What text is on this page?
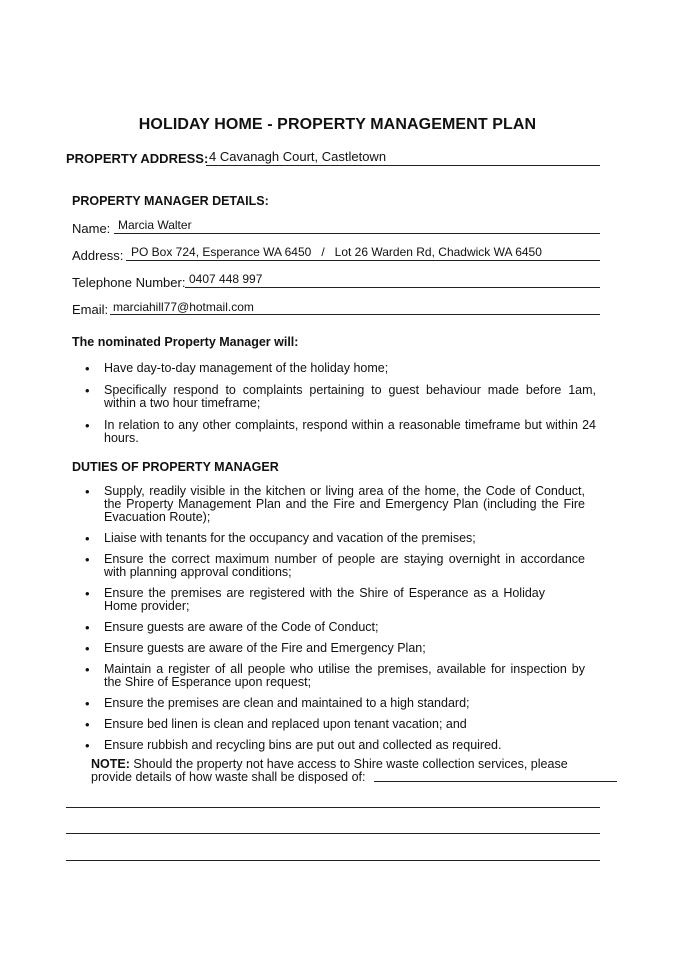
HOLIDAY HOME - PROPERTY MANAGEMENT PLAN
PROPERTY ADDRESS: 4 Cavanagh Court, Castletown
PROPERTY MANAGER DETAILS:
Name: Marcia Walter
Address: PO Box 724, Esperance WA 6450   /   Lot 26 Warden Rd, Chadwick WA 6450
Telephone Number: 0407 448 997
Email: marciahill77@hotmail.com
The nominated Property Manager will:
• Have day-to-day management of the holiday home;
• Specifically respond to complaints pertaining to guest behaviour made before 1am, within a two hour timeframe;
• In relation to any other complaints, respond within a reasonable timeframe but within 24 hours.
DUTIES OF PROPERTY MANAGER
• Supply, readily visible in the kitchen or living area of the home, the Code of Conduct, the Property Management Plan and the Fire and Emergency Plan (including the Fire Evacuation Route);
• Liaise with tenants for the occupancy and vacation of the premises;
• Ensure the correct maximum number of people are staying overnight in accordance with planning approval conditions;
• Ensure the premises are registered with the Shire of Esperance as a Holiday Home provider;
• Ensure guests are aware of the Code of Conduct;
• Ensure guests are aware of the Fire and Emergency Plan;
• Maintain a register of all people who utilise the premises, available for inspection by the Shire of Esperance upon request;
• Ensure the premises are clean and maintained to a high standard;
• Ensure bed linen is clean and replaced upon tenant vacation; and
• Ensure rubbish and recycling bins are put out and collected as required.
NOTE: Should the property not have access to Shire waste collection services, please provide details of how waste shall be disposed of:
